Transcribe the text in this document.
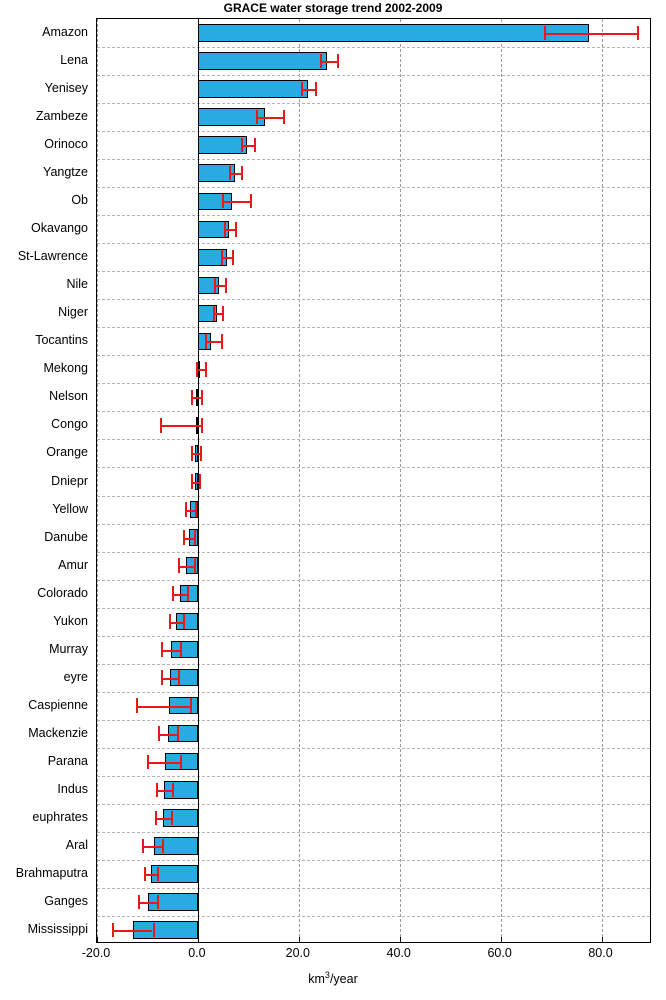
GRACE water storage trend 2002-2009
Amazon
Lena
Yenisey
Zambeze
Orinoco
Yangtze
Ob
Okavango
St-Lawrence
Nile
Niger
Tocantins
Mekong
Nelson
Congo
Orange
Dniepr
Yellow
Danube
Amur
Colorado
Yukon
Murray
eyre
Caspienne
Mackenzie
Parana
Indus
euphrates
Aral
Brahmaputra
Ganges
Mississippi
-20.0	0.0	20.0	40.0	60.0	80.0
$km^3$/year
